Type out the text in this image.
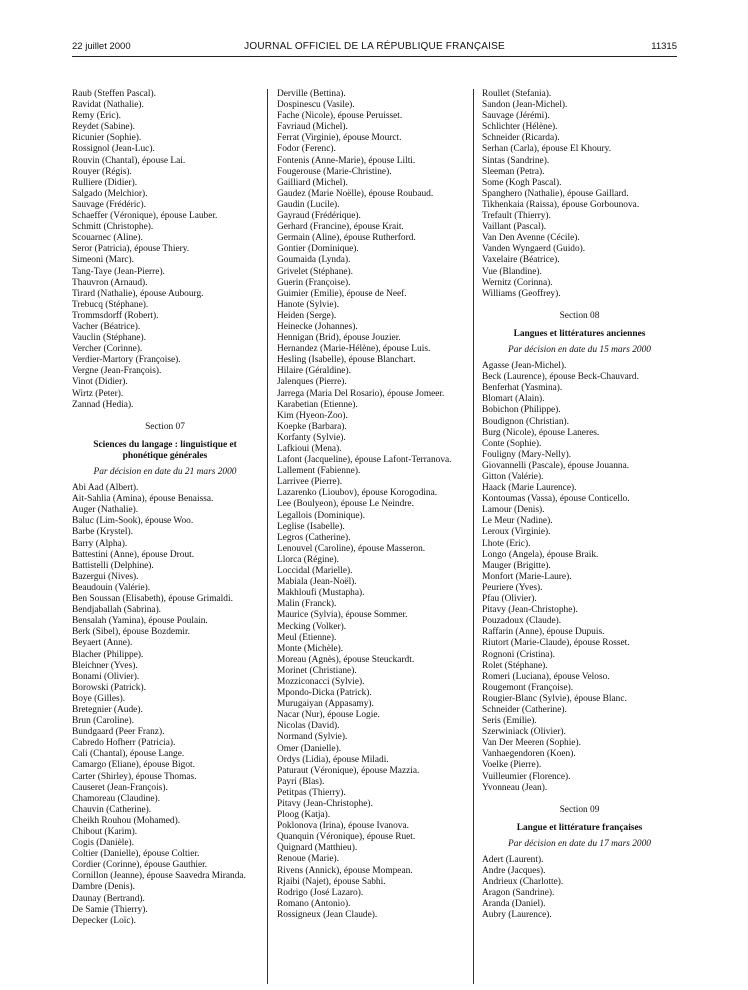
22 juillet 2000	JOURNAL OFFICIEL DE LA RÉPUBLIQUE FRANÇAISE	11315

Raub (Steffen Pascal).

Ravidat (Nathalie).

Remy (Eric).

Reydet (Sabine).

Ricunier (Sophie).

Rossignol (Jean-Luc).

Rouvin (Chantal), épouse Lai.

Rouyer (Régis).

Rulliere (Didier).

Salgado (Melchior).

Sauvage (Frédéric).

Schaeffer (Véronique), épouse Lauber.

Schmitt (Christophe).

Scouarnec (Aline).

Seror (Patricia), épouse Thiery.

Simeoni (Marc).

Tang-Taye (Jean-Pierre).

Thauvron (Arnaud).

Tirard (Nathalie), épouse Aubourg.

Trebucq (Stéphane).

Trommsdorff (Robert).

Vacher (Béatrice).

Vauclin (Stéphane).

Vercher (Corinne).

Verdier-Martory (Françoise).

Vergne (Jean-François).

Vinot (Didier).

Wirtz (Peter).

Zannad (Hedia).

Section 07

Sciences du langage : linguistique et phonétique générales

Par décision en date du 21 mars 2000

Abi Aad (Albert).

Ait-Sahlia (Amina), épouse Benaissa.

Auger (Nathalie).

Baluc (Lim-Sook), épouse Woo.

Barbe (Krystel).

Barry (Alpha).

Battestini (Anne), épouse Drout.

Battistelli (Delphine).

Bazergui (Nives).

Beaudouin (Valérie).

Ben Soussan (Elisabeth), épouse Grimaldi.

Bendjaballah (Sabrina).

Bensalah (Yamina), épouse Poulain.

Berk (Sibel), épouse Bozdemir.

Beyaert (Anne).

Blacher (Philippe).

Bleichner (Yves).

Bonami (Olivier).

Borowski (Patrick).

Boye (Gilles).

Bretegnier (Aude).

Brun (Caroline).

Bundgaard (Peer Franz).

Cabredo Hofherr (Patricia).

Cali (Chantal), épouse Lange.

Camargo (Eliane), épouse Bigot.

Carter (Shirley), épouse Thomas.

Causeret (Jean-François).

Chamoreau (Claudine).

Chauvin (Catherine).

Cheikh Rouhou (Mohamed).

Chibout (Karim).

Cogis (Danièle).

Coltier (Danielle), épouse Coltier.

Cordier (Corinne), épouse Gauthier.

Cornillon (Jeanne), épouse Saavedra Miranda.

Dambre (Denis).

Daunay (Bertrand).

De Samie (Thierry).

Depecker (Loïc).

Derville (Bettina).

Dospinescu (Vasile).

Fache (Nicole), épouse Peruisset.

Favriaud (Michel).

Ferrat (Virginie), épouse Mourct.

Fodor (Ferenc).

Fontenis (Anne-Marie), épouse Lilti.

Fougerouse (Marie-Christine).

Gailliard (Michel).

Gaudez (Marie Noëlle), épouse Roubaud.

Gaudin (Lucile).

Gayraud (Frédérique).

Gerhard (Francine), épouse Krait.

Germain (Aline), épouse Rutherford.

Gontier (Dominique).

Goumaida (Lynda).

Grivelet (Stéphane).

Guerin (Françoise).

Guimier (Emilie), épouse de Neef.

Hanote (Sylvie).

Heiden (Serge).

Heinecke (Johannes).

Hennigan (Brid), épouse Jouzier.

Hernandez (Marie-Hélène), épouse Luis.

Hesling (Isabelle), épouse Blanchart.

Hilaire (Géraldine).

Jalenques (Pierre).

Jarrega (Maria Del Rosario), épouse Jomeer.

Karabetian (Etienne).

Kim (Hyeon-Zoo).

Koepke (Barbara).

Korfanty (Sylvie).

Lafkioui (Mena).

Lafont (Jacqueline), épouse Lafont-Terranova.

Lallement (Fabienne).

Larrivee (Pierre).

Lazarenko (Lioubov), épouse Korogodina.

Lee (Boulyeon), épouse Le Neindre.

Legallois (Dominique).

Leglise (Isabelle).

Legros (Catherine).

Lenouvel (Caroline), épouse Masseron.

Llorca (Régine).

Loccidal (Marielle).

Mabiala (Jean-Noël).

Makhloufi (Mustapha).

Malin (Franck).

Maurice (Sylvia), épouse Sommer.

Mecking (Volker).

Meul (Etienne).

Monte (Michèle).

Moreau (Agnès), épouse Steuckardt.

Morinet (Christiane).

Mozziconacci (Sylvie).

Mpondo-Dicka (Patrick).

Murugaiyan (Appasamy).

Nacar (Nur), épouse Logie.

Nicolas (David).

Normand (Sylvie).

Omer (Danielle).

Ordys (Lidia), épouse Miladi.

Paturaut (Véronique), épouse Mazzia.

Payri (Blas).

Petitpas (Thierry).

Pitavy (Jean-Christophe).

Ploog (Katja).

Poklonova (Irina), épouse Ivanova.

Quanquin (Véronique), épouse Ruet.

Quignard (Matthieu).

Renoue (Marie).

Rivens (Annick), épouse Mompean.

Rjaibi (Najet), épouse Sabhi.

Rodrigo (José Lazaro).

Romano (Antonio).

Rossigneux (Jean Claude).

Roullet (Stefania).

Sandon (Jean-Michel).

Sauvage (Jérémi).

Schlichter (Hélène).

Schneider (Ricarda).

Serhan (Carla), épouse El Khoury.

Sintas (Sandrine).

Sleeman (Petra).

Some (Kogh Pascal).

Spanghero (Nathalie), épouse Gaillard.

Tikhenkaia (Raissa), épouse Gorbounova.

Trefault (Thierry).

Vaillant (Pascal).

Van Den Avenne (Cécile).

Vanden Wyngaerd (Guido).

Vaxelaire (Béatrice).

Vue (Blandine).

Wernitz (Corinna).

Williams (Geoffrey).

Section 08

Langues et littératures anciennes

Par décision en date du 15 mars 2000

Agasse (Jean-Michel).

Beck (Laurence), épouse Beck-Chauvard.

Benferhat (Yasmina).

Blomart (Alain).

Bobichon (Philippe).

Boudignon (Christian).

Burg (Nicole), épouse Laneres.

Conte (Sophie).

Fouligny (Mary-Nelly).

Giovannelli (Pascale), épouse Jouanna.

Gitton (Valérie).

Haack (Marie Laurence).

Kontoumas (Vassa), épouse Conticello.

Lamour (Denis).

Le Meur (Nadine).

Leroux (Virginie).

Lhote (Eric).

Longo (Angela), épouse Braik.

Mauger (Brigitte).

Monfort (Marie-Laure).

Peuriere (Yves).

Pfau (Olivier).

Pitavy (Jean-Christophe).

Pouzadoux (Claude).

Raffarin (Anne), épouse Dupuis.

Riutort (Marie-Claude), épouse Rosset.

Rognoni (Cristina).

Rolet (Stéphane).

Romeri (Luciana), épouse Veloso.

Rougemont (Françoise).

Rougier-Blanc (Sylvie), épouse Blanc.

Schneider (Catherine).

Seris (Emilie).

Szerwiniack (Olivier).

Van Der Meeren (Sophie).

Vanhaegendoren (Koen).

Voelke (Pierre).

Vuilleumier (Florence).

Yvonneau (Jean).

Section 09

Langue et littérature françaises

Par décision en date du 17 mars 2000

Adert (Laurent).

Andre (Jacques).

Andrieux (Charlotte).

Aragon (Sandrine).

Aranda (Daniel).

Aubry (Laurence).
